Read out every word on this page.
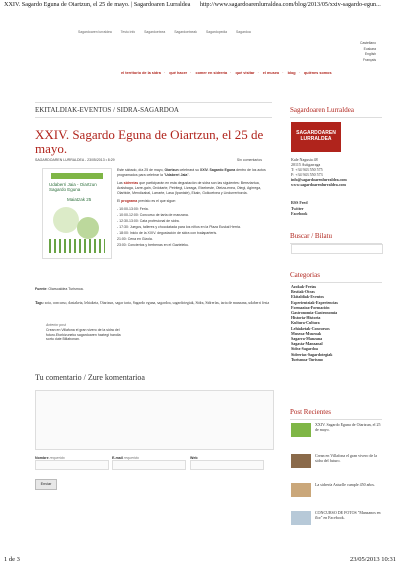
XXIV. Sagardo Eguna de Oiartzun, el 25 de mayo. | Sagardoaren Lurraldea http://www.sagardoarenlurraldea.com/blog/2013/05/xxiv-sagardo-egun...
Sagardoaren lurraldea	Testu info	Sagardoetxea	Sagardoetxeak	Sagardopedia	Sagardoa
Castellano
Euskara
English
Français
el territorio de la sidra · qué hacer · comer en sidrería · qué visitar · el museo · blog · quiénes somos
EKITALDIAK-EVENTOS / SIDRA-SAGARDOA
XXIV. Sagardo Eguna de Oiartzun, el 25 de mayo.
SAGARDOAREN LURRALDEA - 23/05/2013 • 8:29	Sin comentarios
Udaberri Jaia - Oiartzun
Sagardo Eguna
Maiatzak 25

Este sábado, día 25 de mayo, Oiartzun celebrará su XXIV. Sagardo Eguna dentro de los actos programados para celebrar la "Udaberri Jaia".

Las sidrerías que participarán en esta degustación de sidra son las siguientes: Bereziartua, Araisbaga, Larre-gain, Ordotarte, Petritegi, Lizeaga, Etxebeste, Oteiza-enea, Otegi, Agirrega, Olarbide, Mendizabal, Larrarte, Lasa (Ipantale), Ekain, Goikoetxea y Lindurrerborda.

El programa previsto es el que sigue:

- 10:00-13:00: Feria.
- 10:00-12:00: Concurso de tarta de manzana.
- 12:30-13:00: Cata profesional de sidra.
- 17:30: Juegos, talleres y chocolatada para los niños en la Plaza Euskal Herria.
- 18:00: Inicio de la XXIV. degustación de sidra con txalaparteris.
21:00: Cena en Gizola.
23:00: Conciertos y berbenas en el Gazteleku.
Fuente: Oiarsoaldea Turismoa.
Tags: sota, concurso, dastaketa, lehiaketa, Oiartzun, sagar tarta, Sagardo eguna, sagardoa, sagardotegiak, Sidra, Sidrerías, tarta de manzana, udaberri festa
Anterior post
Crean en Villafona el gran vivero de la sidra del futuro.Etorkizuneko sagardoaren haztegi handia sortu dute Billabonan.
Tu comentario / Zure komentarioa
Nombre requerido	E-mail requerido	Web
Enviar
Sagardoaren Lurraldea
SAGARDOAREN LURRALDEA
Kale Nagusia 48
20115 Astigarraga
T: +34 943 550 575
F: +34 943 550 573
info@sagardoarenlurraldea.com
www.sagardoarenlurraldea.com
RSS Feed
Twitter
Facebook
Buscar / Bilatu
Categorias
Azokak-Ferias
Bestiak-Otras
Ekitaldiak-Eventos
Esperientziak-Experiencias
Formazioa-Formación
Gastronomia-Gastronomía
Historia-Historia
Kultura-Cultura
Lehiaketak-Concursos
Museoa-Museoak
Sagarra-Manzana
Sagasta-Manzanal
Sidra-Sagardoa
Sidrerías-Sagardotegiak
Turismoa-Turismo
Post Recientes
XXIV. Sagardo Eguna de Oiartzun, el 25 de mayo.
Crean en Villafona el gran vivero de la sidra del futuro.
La sidrería Asturlle cumple 450 años.
CONCURSO DE FOTOS "Manzanos en flor" en Facebook.
1 de 3	23/05/2013 10:31
